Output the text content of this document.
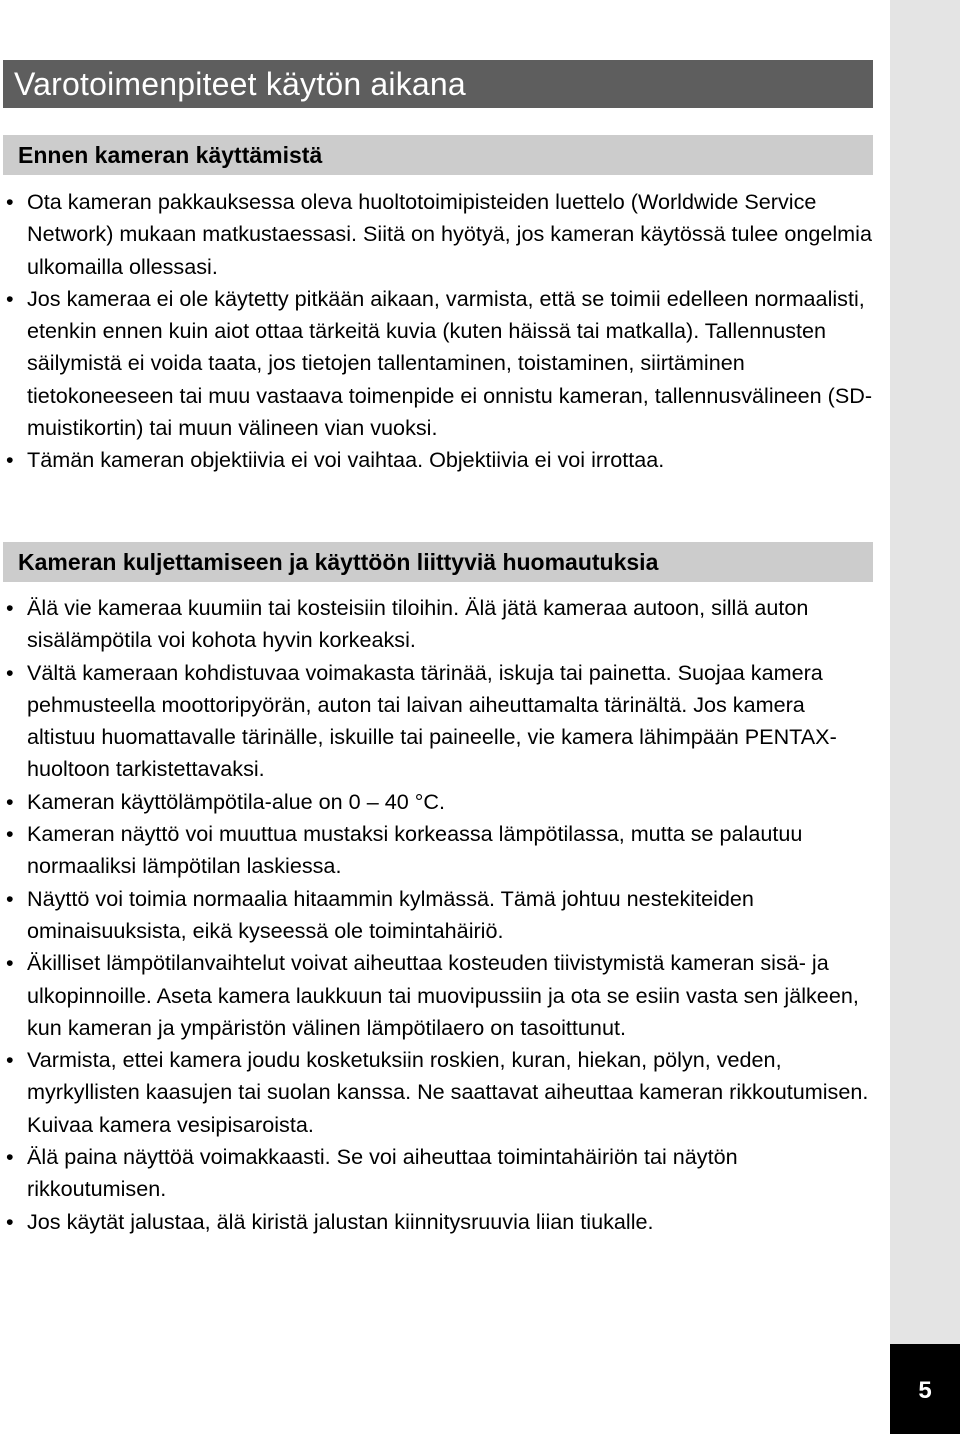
5
Varotoimenpiteet käytön aikana
Ennen kameran käyttämistä
• Ota kameran pakkauksessa oleva huoltotoimipisteiden luettelo (Worldwide Service Network) mukaan matkustaessasi. Siitä on hyötyä, jos kameran käytössä tulee ongelmia ulkomailla ollessasi.
• Jos kameraa ei ole käytetty pitkään aikaan, varmista, että se toimii edelleen normaalisti, etenkin ennen kuin aiot ottaa tärkeitä kuvia (kuten häissä tai matkalla). Tallennusten säilymistä ei voida taata, jos tietojen tallentaminen, toistaminen, siirtäminen tietokoneeseen tai muu vastaava toimenpide ei onnistu kameran, tallennusvälineen (SD-muistikortin) tai muun välineen vian vuoksi.
• Tämän kameran objektiivia ei voi vaihtaa. Objektiivia ei voi irrottaa.
Kameran kuljettamiseen ja käyttöön liittyviä huomautuksia
• Älä vie kameraa kuumiin tai kosteisiin tiloihin. Älä jätä kameraa autoon, sillä auton sisälämpötila voi kohota hyvin korkeaksi.
• Vältä kameraan kohdistuvaa voimakasta tärinää, iskuja tai painetta. Suojaa kamera pehmusteella moottoripyörän, auton tai laivan aiheuttamalta tärinältä. Jos kamera altistuu huomattavalle tärinälle, iskuille tai paineelle, vie kamera lähimpään PENTAX-huoltoon tarkistettavaksi.
• Kameran käyttölämpötila-alue on 0 – 40 °C.
• Kameran näyttö voi muuttua mustaksi korkeassa lämpötilassa, mutta se palautuu normaaliksi lämpötilan laskiessa.
• Näyttö voi toimia normaalia hitaammin kylmässä. Tämä johtuu nestekiteiden ominaisuuksista, eikä kyseessä ole toimintahäiriö.
• Äkilliset lämpötilanvaihtelut voivat aiheuttaa kosteuden tiivistymistä kameran sisä- ja ulkopinnoille. Aseta kamera laukkuun tai muovipussiin ja ota se esiin vasta sen jälkeen, kun kameran ja ympäristön välinen lämpötilaero on tasoittunut.
• Varmista, ettei kamera joudu kosketuksiin roskien, kuran, hiekan, pölyn, veden, myrkyllisten kaasujen tai suolan kanssa. Ne saattavat aiheuttaa kameran rikkoutumisen. Kuivaa kamera vesipisaroista.
• Älä paina näyttöä voimakkaasti. Se voi aiheuttaa toimintahäiriön tai näytön rikkoutumisen.
• Jos käytät jalustaa, älä kiristä jalustan kiinnitysruuvia liian tiukalle.
